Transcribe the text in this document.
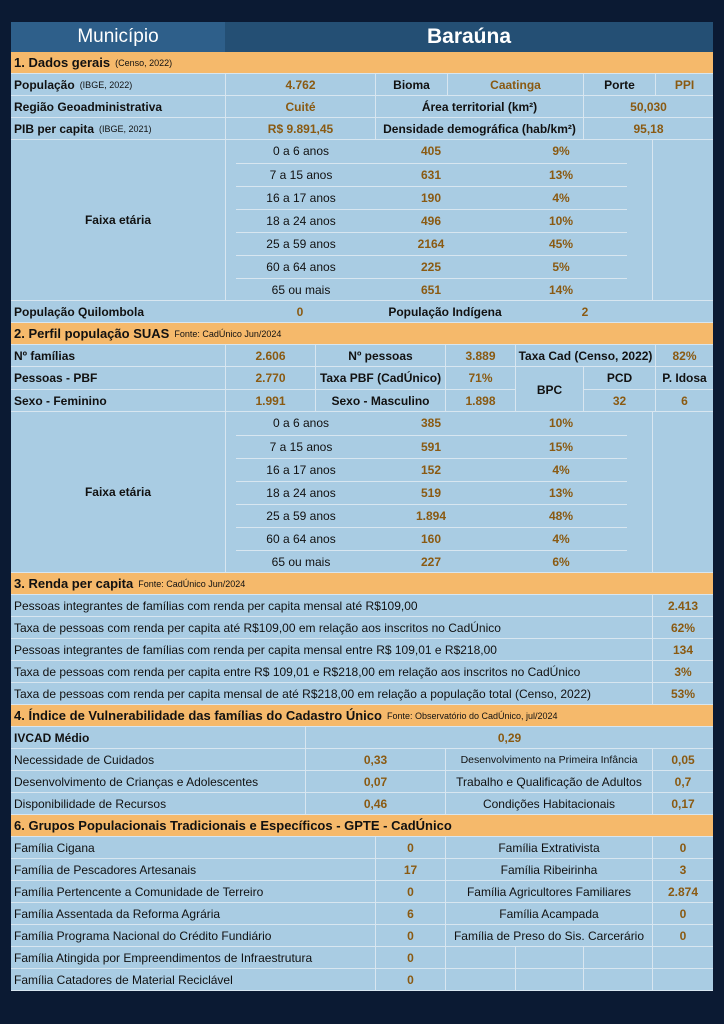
Município	Baraúna
1. Dados gerais (Censo, 2022)
População (IBGE, 2022)	4.762	Bioma	Caatinga	Porte	PPI
Região Geoadministrativa	Cuité	Área territorial (km²)	50,030
PIB per capita (IBGE, 2021)	R$ 9.891,45	Densidade demográfica (hab/km²)	95,18
Faixa etária
0 a 6 anos	405	9%
7 a 15 anos	631	13%
16 a 17 anos	190	4%
18 a 24 anos	496	10%
25 a 59 anos	2164	45%
60 a 64 anos	225	5%
65 ou mais	651	14%
População Quilombola	0	População Indígena	2
2. Perfil população SUAS Fonte: CadÚnico Jun/2024
Nº famílias	2.606	Nº pessoas	3.889	Taxa Cad (Censo, 2022)	82%
Pessoas - PBF	2.770	Taxa PBF (CadÚnico)	71%
Sexo - Feminino	1.991	Sexo - Masculino	1.898
BPC
PCD	P. Idosa
32	6
Faixa etária
0 a 6 anos	385	10%
7 a 15 anos	591	15%
16 a 17 anos	152	4%
18 a 24 anos	519	13%
25 a 59 anos	1.894	48%
60 a 64 anos	160	4%
65 ou mais	227	6%
3. Renda per capita Fonte: CadÚnico Jun/2024
Pessoas integrantes de famílias com renda per capita mensal até R$109,00	2.413
Taxa de pessoas com renda per capita até R$109,00 em relação aos inscritos no CadÚnico	62%
Pessoas integrantes de famílias com renda per capita mensal entre R$ 109,01 e R$218,00	134
Taxa de pessoas com renda per capita entre R$ 109,01 e R$218,00 em relação aos inscritos no CadÚnico	3%
Taxa de pessoas com renda per capita mensal de até R$218,00 em relação a população total (Censo, 2022)	53%
4. Índice de Vulnerabilidade das famílias do Cadastro Único Fonte: Observatório do CadÚnico, jul/2024
IVCAD Médio	0,29
Necessidade de Cuidados	0,33	Desenvolvimento na Primeira Infância	0,05
Desenvolvimento de Crianças e Adolescentes	0,07	Trabalho e Qualificação de Adultos	0,7
Disponibilidade de Recursos	0,46	Condições Habitacionais	0,17
6. Grupos Populacionais Tradicionais e Específicos - GPTE - CadÚnico
Família Cigana	0	Família Extrativista	0
Família de Pescadores Artesanais	17	Família Ribeirinha	3
Família Pertencente a Comunidade de Terreiro	0	Família Agricultores Familiares	2.874
Família Assentada da Reforma Agrária	6	Família Acampada	0
Família Programa Nacional do Crédito Fundiário	0	Família de Preso do Sis. Carcerário	0
Família Atingida por Empreendimentos de Infraestrutura	0
Família Catadores de Material Reciclável	0
